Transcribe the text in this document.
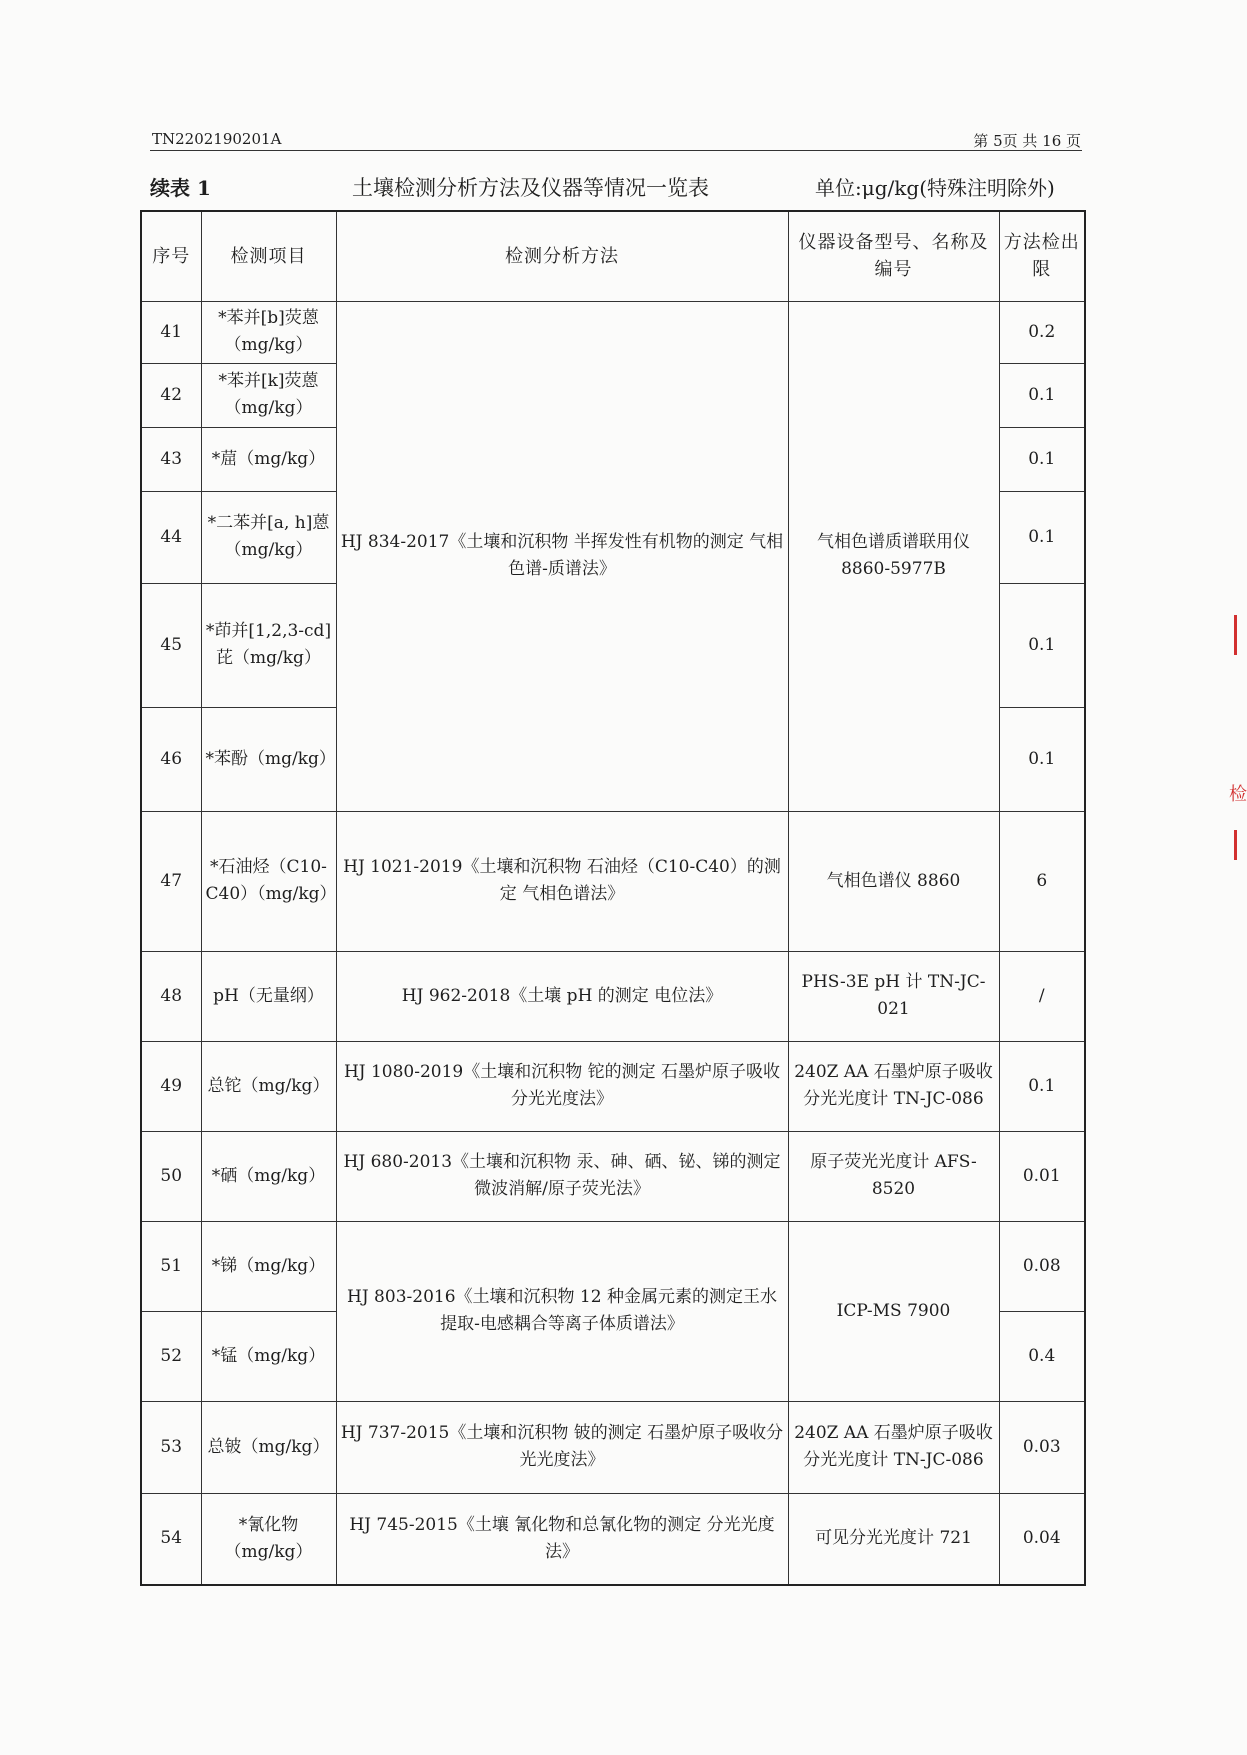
TN2202190201A	第 5页 共 16 页
续表 1	土壤检测分析方法及仪器等情况一览表	单位:μg/kg(特殊注明除外)
序号	检测项目	检测分析方法	仪器设备型号、名称及编号	方法检出限
41	*苯并[b]荧蒽（mg/kg）	HJ 834-2017《土壤和沉积物 半挥发性有机物的测定 气相色谱-质谱法》	气相色谱质谱联用仪 8860-5977B	0.2
42	*苯并[k]荧蒽（mg/kg）			0.1
43	*䓛（mg/kg）			0.1
44	*二苯并[a, h]蒽（mg/kg）			0.1
45	*茚并[1,2,3-cd]芘（mg/kg）			0.1
46	*苯酚（mg/kg）			0.1
47	*石油烃（C10-C40）（mg/kg）	HJ 1021-2019《土壤和沉积物 石油烃（C10-C40）的测定 气相色谱法》	气相色谱仪 8860	6
48	pH（无量纲）	HJ 962-2018《土壤 pH 的测定 电位法》	PHS-3E pH 计 TN-JC-021	/
49	总铊（mg/kg）	HJ 1080-2019《土壤和沉积物 铊的测定 石墨炉原子吸收分光光度法》	240Z AA 石墨炉原子吸收分光光度计 TN-JC-086	0.1
50	*硒（mg/kg）	HJ 680-2013《土壤和沉积物 汞、砷、硒、铋、锑的测定 微波消解/原子荧光法》	原子荧光光度计 AFS-8520	0.01
51	*锑（mg/kg）	HJ 803-2016《土壤和沉积物 12 种金属元素的测定王水提取-电感耦合等离子体质谱法》	ICP-MS 7900	0.08
52	*锰（mg/kg）			0.4
53	总铍（mg/kg）	HJ 737-2015《土壤和沉积物 铍的测定 石墨炉原子吸收分光光度法》	240Z AA 石墨炉原子吸收分光光度计 TN-JC-086	0.03
54	*氰化物（mg/kg）	HJ 745-2015《土壤 氰化物和总氰化物的测定 分光光度法》	可见分光光度计 721	0.04
检
